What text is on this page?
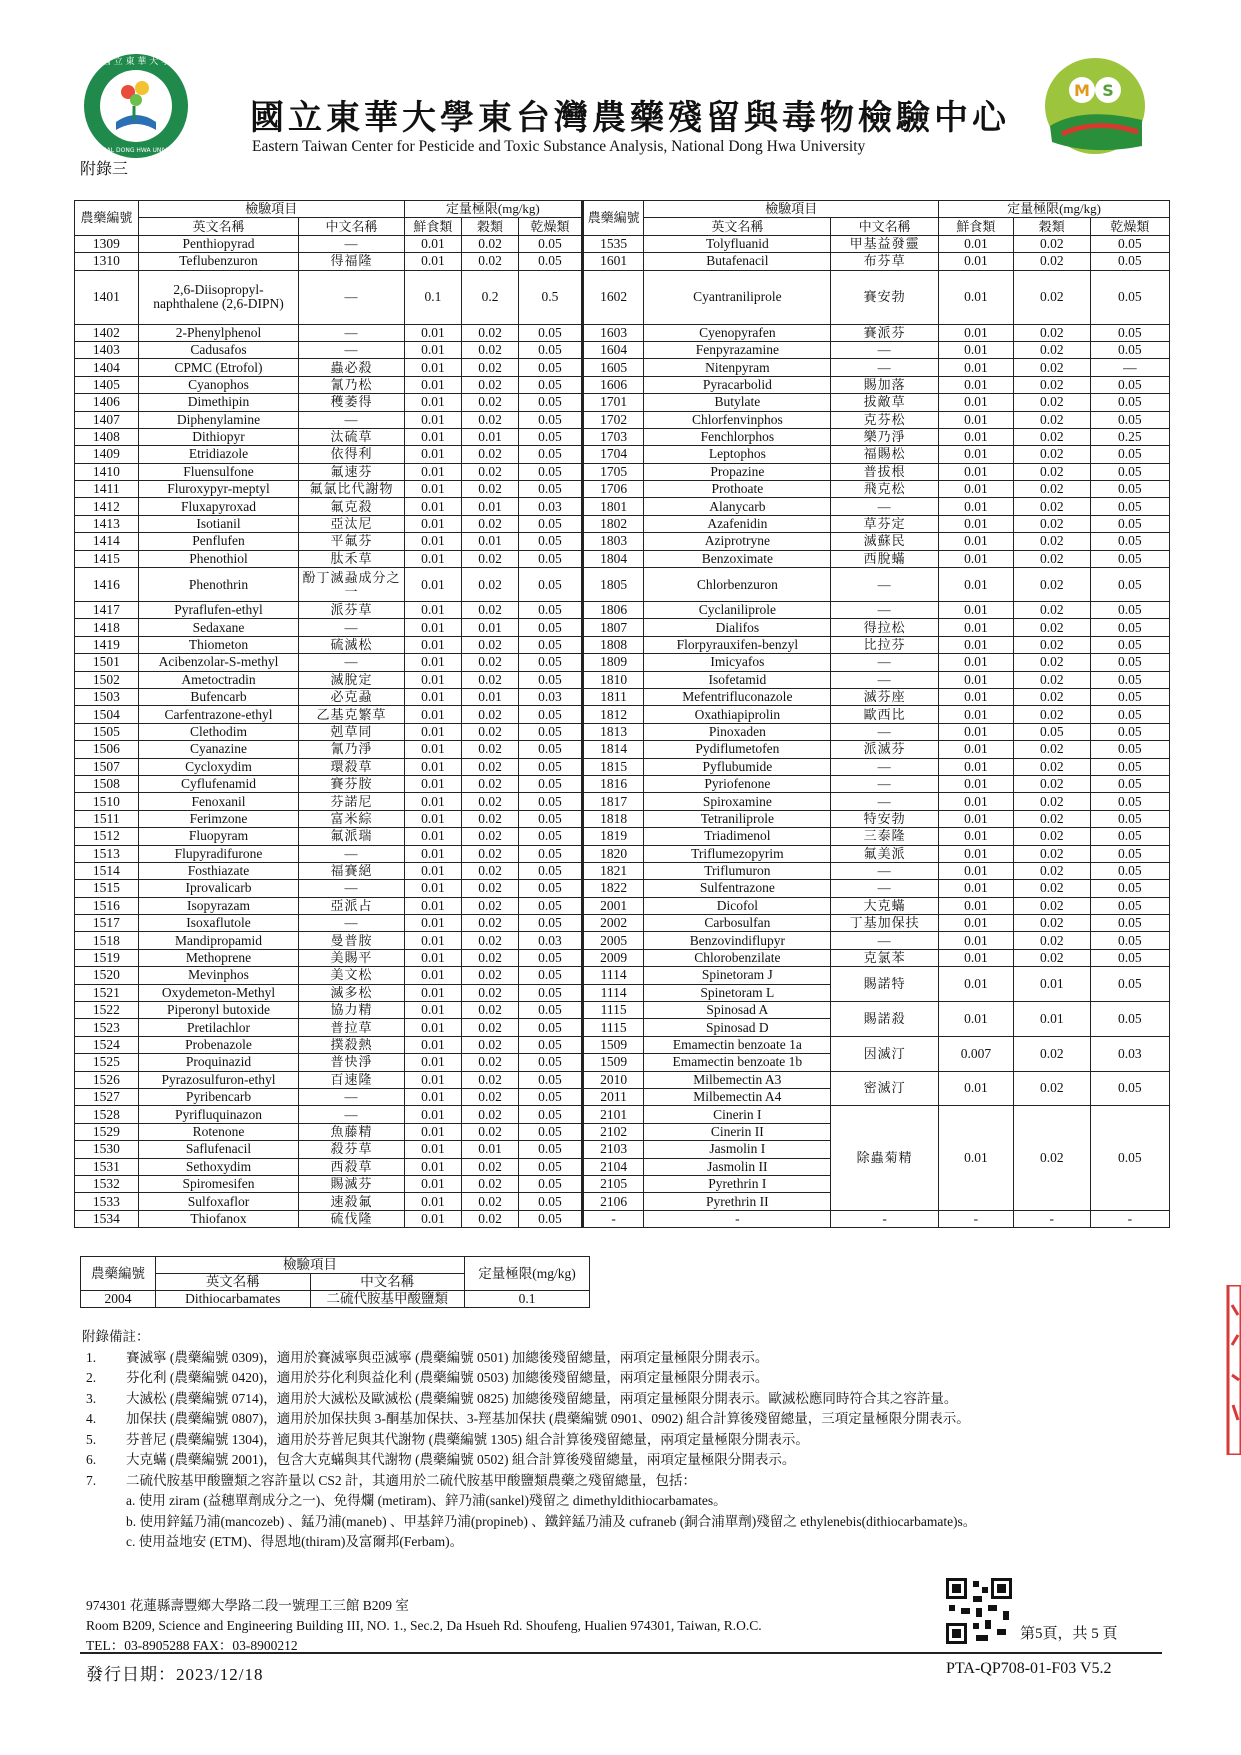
國 立 東 華 大 學
NATIONAL DONG HWA UNIVERSITY
國立東華大學東台灣農藥殘留與毒物檢驗中心
Eastern Taiwan Center for Pesticide and Toxic Substance Analysis, National Dong Hwa University
M S
附錄三
農藥編號	檢驗項目		定量極限(mg/kg)			農藥編號	檢驗項目		定量極限(mg/kg)		
	英文名稱	中文名稱	鮮食類	穀類	乾燥類		英文名稱	中文名稱	鮮食類	穀類	乾燥類
1309	Penthiopyrad	—	0.01	0.02	0.05	1535	Tolyfluanid	甲基益發靈	0.01	0.02	0.05
1310	Teflubenzuron	得福隆	0.01	0.02	0.05	1601	Butafenacil	布芬草	0.01	0.02	0.05
1401	2,6-Diisopropyl-naphthalene (2,6-DIPN)	—	0.1	0.2	0.5	1602	Cyantraniliprole	賽安勃	0.01	0.02	0.05
1402	2-Phenylphenol	—	0.01	0.02	0.05	1603	Cyenopyrafen	賽派芬	0.01	0.02	0.05
1403	Cadusafos	—	0.01	0.02	0.05	1604	Fenpyrazamine	—	0.01	0.02	0.05
1404	CPMC (Etrofol)	蟲必殺	0.01	0.02	0.05	1605	Nitenpyram	—	0.01	0.02	—
1405	Cyanophos	氰乃松	0.01	0.02	0.05	1606	Pyracarbolid	賜加落	0.01	0.02	0.05
1406	Dimethipin	穫萎得	0.01	0.02	0.05	1701	Butylate	拔敵草	0.01	0.02	0.05
1407	Diphenylamine	—	0.01	0.02	0.05	1702	Chlorfenvinphos	克芬松	0.01	0.02	0.05
1408	Dithiopyr	汰硫草	0.01	0.01	0.05	1703	Fenchlorphos	樂乃淨	0.01	0.02	0.25
1409	Etridiazole	依得利	0.01	0.02	0.05	1704	Leptophos	福賜松	0.01	0.02	0.05
1410	Fluensulfone	氟速芬	0.01	0.02	0.05	1705	Propazine	普拔根	0.01	0.02	0.05
1411	Fluroxypyr-meptyl	氟氯比代謝物	0.01	0.02	0.05	1706	Prothoate	飛克松	0.01	0.02	0.05
1412	Fluxapyroxad	氟克殺	0.01	0.01	0.03	1801	Alanycarb	—	0.01	0.02	0.05
1413	Isotianil	亞汰尼	0.01	0.02	0.05	1802	Azafenidin	草芬定	0.01	0.02	0.05
1414	Penflufen	平氟芬	0.01	0.01	0.05	1803	Aziprotryne	滅蘇民	0.01	0.02	0.05
1415	Phenothiol	肽禾草	0.01	0.02	0.05	1804	Benzoximate	西脫蟎	0.01	0.02	0.05
1416	Phenothrin	酚丁滅蝨成分之一	0.01	0.02	0.05	1805	Chlorbenzuron	—	0.01	0.02	0.05
1417	Pyraflufen-ethyl	派芬草	0.01	0.02	0.05	1806	Cyclaniliprole	—	0.01	0.02	0.05
1418	Sedaxane	—	0.01	0.01	0.05	1807	Dialifos	得拉松	0.01	0.02	0.05
1419	Thiometon	硫滅松	0.01	0.02	0.05	1808	Florpyrauxifen-benzyl	比拉芬	0.01	0.02	0.05
1501	Acibenzolar-S-methyl	—	0.01	0.02	0.05	1809	Imicyafos	—	0.01	0.02	0.05
1502	Ametoctradin	滅脫定	0.01	0.02	0.05	1810	Isofetamid	—	0.01	0.02	0.05
1503	Bufencarb	必克蝨	0.01	0.01	0.03	1811	Mefentrifluconazole	滅芬座	0.01	0.02	0.05
1504	Carfentrazone-ethyl	乙基克繁草	0.01	0.02	0.05	1812	Oxathiapiprolin	歐西比	0.01	0.02	0.05
1505	Clethodim	剋草同	0.01	0.02	0.05	1813	Pinoxaden	—	0.01	0.05	0.05
1506	Cyanazine	氰乃淨	0.01	0.02	0.05	1814	Pydiflumetofen	派滅芬	0.01	0.02	0.05
1507	Cycloxydim	環殺草	0.01	0.02	0.05	1815	Pyflubumide	—	0.01	0.02	0.05
1508	Cyflufenamid	賽芬胺	0.01	0.02	0.05	1816	Pyriofenone	—	0.01	0.02	0.05
1510	Fenoxanil	芬諾尼	0.01	0.02	0.05	1817	Spiroxamine	—	0.01	0.02	0.05
1511	Ferimzone	富米綜	0.01	0.02	0.05	1818	Tetraniliprole	特安勃	0.01	0.02	0.05
1512	Fluopyram	氟派瑞	0.01	0.02	0.05	1819	Triadimenol	三泰隆	0.01	0.02	0.05
1513	Flupyradifurone	—	0.01	0.02	0.05	1820	Triflumezopyrim	氟美派	0.01	0.02	0.05
1514	Fosthiazate	福賽絕	0.01	0.02	0.05	1821	Triflumuron	—	0.01	0.02	0.05
1515	Iprovalicarb	—	0.01	0.02	0.05	1822	Sulfentrazone	—	0.01	0.02	0.05
1516	Isopyrazam	亞派占	0.01	0.02	0.05	2001	Dicofol	大克蟎	0.01	0.02	0.05
1517	Isoxaflutole	—	0.01	0.02	0.05	2002	Carbosulfan	丁基加保扶	0.01	0.02	0.05
1518	Mandipropamid	曼普胺	0.01	0.02	0.03	2005	Benzovindiflupyr	—	0.01	0.02	0.05
1519	Methoprene	美賜平	0.01	0.02	0.05	2009	Chlorobenzilate	克氯苯	0.01	0.02	0.05
1520	Mevinphos	美文松	0.01	0.02	0.05	1114	Spinetoram J	賜諾特	0.01	0.01	0.05
1521	Oxydemeton-Methyl	滅多松	0.01	0.02	0.05	1114	Spinetoram L				
1522	Piperonyl butoxide	協力精	0.01	0.02	0.05	1115	Spinosad A	賜諾殺	0.01	0.01	0.05
1523	Pretilachlor	普拉草	0.01	0.02	0.05	1115	Spinosad D				
1524	Probenazole	撲殺熱	0.01	0.02	0.05	1509	Emamectin benzoate 1a	因滅汀	0.007	0.02	0.03
1525	Proquinazid	普快淨	0.01	0.02	0.05	1509	Emamectin benzoate 1b				
1526	Pyrazosulfuron-ethyl	百速隆	0.01	0.02	0.05	2010	Milbemectin A3	密滅汀	0.01	0.02	0.05
1527	Pyribencarb	—	0.01	0.02	0.05	2011	Milbemectin A4				
1528	Pyrifluquinazon	—	0.01	0.02	0.05	2101	Cinerin I	除蟲菊精	0.01	0.02	0.05
1529	Rotenone	魚藤精	0.01	0.02	0.05	2102	Cinerin II				
1530	Saflufenacil	殺芬草	0.01	0.01	0.05	2103	Jasmolin I				
1531	Sethoxydim	西殺草	0.01	0.02	0.05	2104	Jasmolin II				
1532	Spiromesifen	賜滅芬	0.01	0.02	0.05	2105	Pyrethrin I				
1533	Sulfoxaflor	速殺氟	0.01	0.02	0.05	2106	Pyrethrin II				
1534	Thiofanox	硫伐隆	0.01	0.02	0.05	-	-	-	-	-	-
農藥編號	檢驗項目		定量極限(mg/kg)
	英文名稱	中文名稱	
2004	Dithiocarbamates	二硫代胺基甲酸鹽類	0.1
附錄備註：
1. 賽滅寧 (農藥編號 0309)，適用於賽滅寧與亞滅寧 (農藥編號 0501) 加總後殘留總量，兩項定量極限分開表示。
2. 芬化利 (農藥編號 0420)，適用於芬化利與益化利 (農藥編號 0503) 加總後殘留總量，兩項定量極限分開表示。
3. 大滅松 (農藥編號 0714)，適用於大滅松及歐滅松 (農藥編號 0825) 加總後殘留總量，兩項定量極限分開表示。歐滅松應同時符合其之容許量。
4. 加保扶 (農藥編號 0807)，適用於加保扶與 3-酮基加保扶、3-羥基加保扶 (農藥編號 0901、0902) 組合計算後殘留總量，三項定量極限分開表示。
5. 芬普尼 (農藥編號 1304)，適用於芬普尼與其代謝物 (農藥編號 1305) 組合計算後殘留總量，兩項定量極限分開表示。
6. 大克蟎 (農藥編號 2001)，包含大克蟎與其代謝物 (農藥編號 0502) 組合計算後殘留總量，兩項定量極限分開表示。
7. 二硫代胺基甲酸鹽類之容許量以 CS2 計，其適用於二硫代胺基甲酸鹽類農藥之殘留總量，包括：
a. 使用 ziram (益穗單劑成分之一)、免得爛 (metiram)、鋅乃浦(sankel)殘留之 dimethyldithiocarbamates。
b. 使用鋅錳乃浦(mancozeb) 、錳乃浦(maneb) 、甲基鋅乃浦(propineb) 、鐵鋅錳乃浦及 cufraneb (銅合浦單劑)殘留之 ethylenebis(dithiocarbamate)s。
c. 使用益地安 (ETM)、得恩地(thiram)及富爾邦(Ferbam)。
974301 花蓮縣壽豐鄉大學路二段一號理工三館 B209 室
Room B209, Science and Engineering Building III, NO. 1., Sec.2, Da Hsueh Rd. Shoufeng, Hualien 974301, Taiwan, R.O.C.
TEL：03-8905288 FAX：03-8900212
第5頁，共 5 頁
發行日期：2023/12/18	PTA-QP708-01-F03 V5.2
